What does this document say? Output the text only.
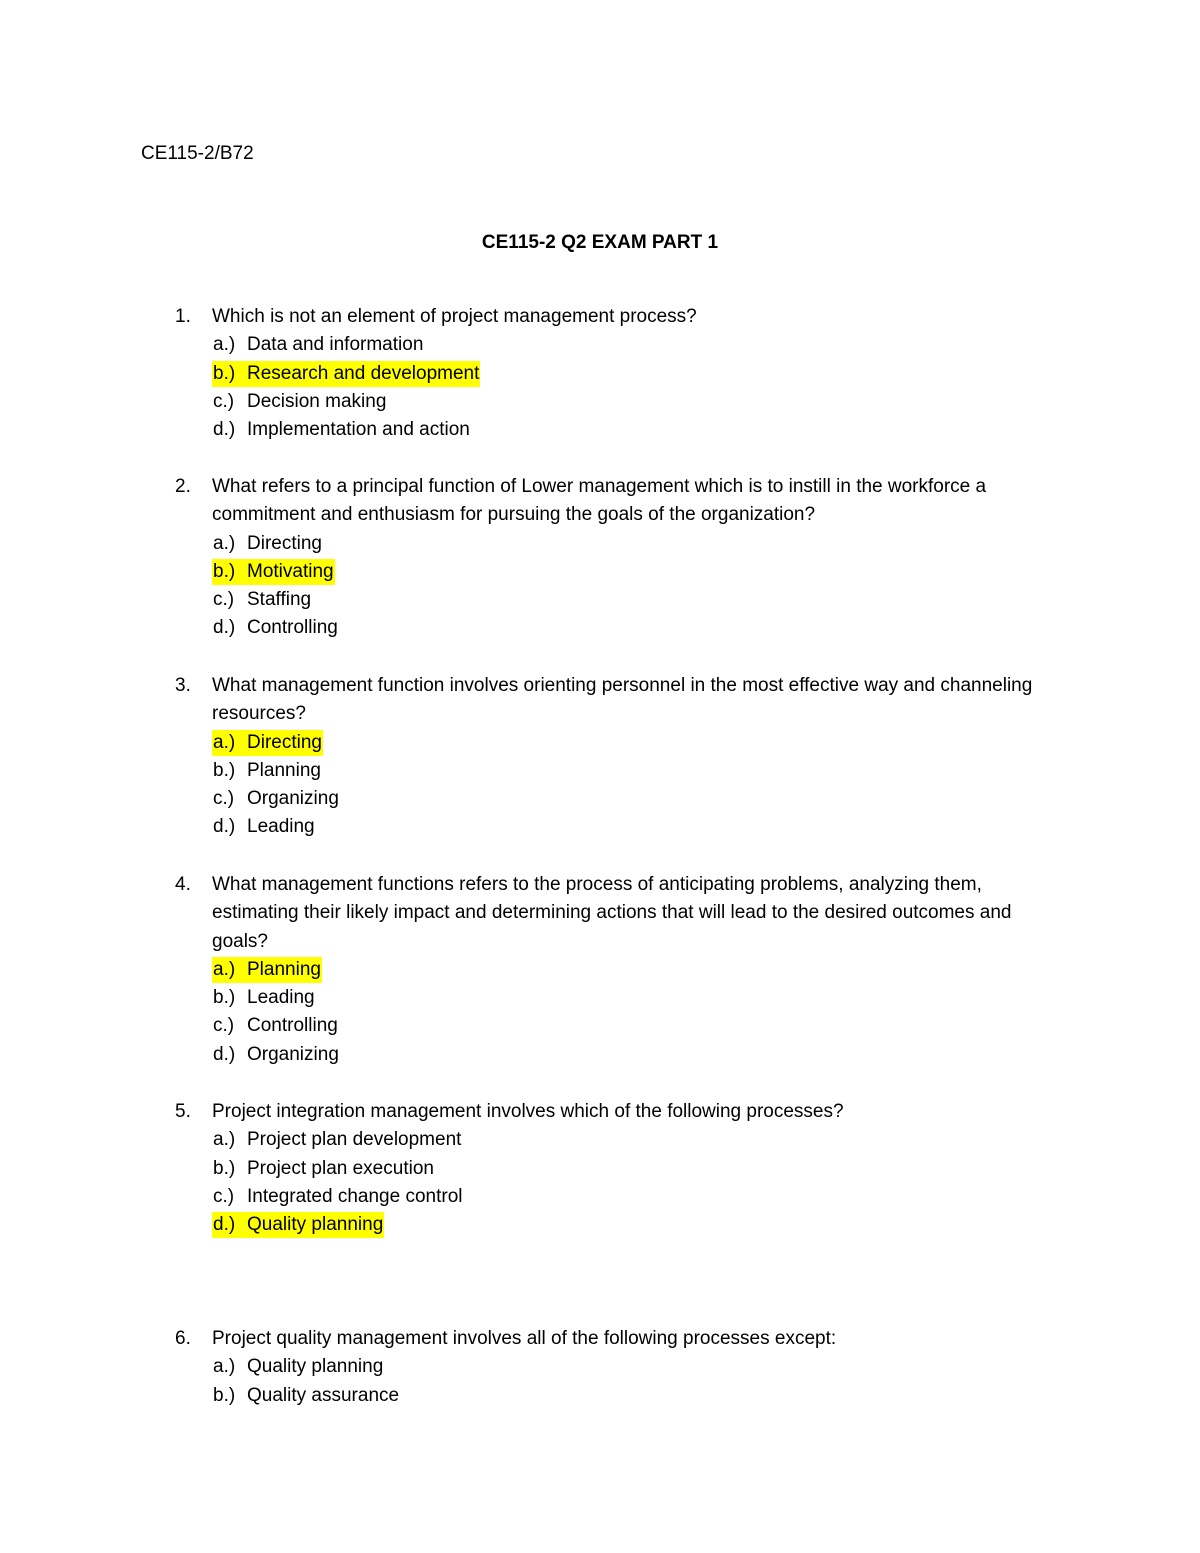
CE115-2/B72
CE115-2 Q2 EXAM PART 1
1.	Which is not an element of project management process?
a.) Data and information
b.) Research and development
c.) Decision making
d.) Implementation and action
2.	What refers to a principal function of Lower management which is to instill in the workforce a commitment and enthusiasm for pursuing the goals of the organization?
a.) Directing
b.) Motivating
c.) Staffing
d.) Controlling
3.	What management function involves orienting personnel in the most effective way and channeling resources?
a.) Directing
b.) Planning
c.) Organizing
d.) Leading
4.	What management functions refers to the process of anticipating problems, analyzing them, estimating their likely impact and determining actions that will lead to the desired outcomes and goals?
a.) Planning
b.) Leading
c.) Controlling
d.) Organizing
5.	Project integration management involves which of the following processes?
a.) Project plan development
b.) Project plan execution
c.) Integrated change control
d.) Quality planning
6.	Project quality management involves all of the following processes except:
a.) Quality planning
b.) Quality assurance
